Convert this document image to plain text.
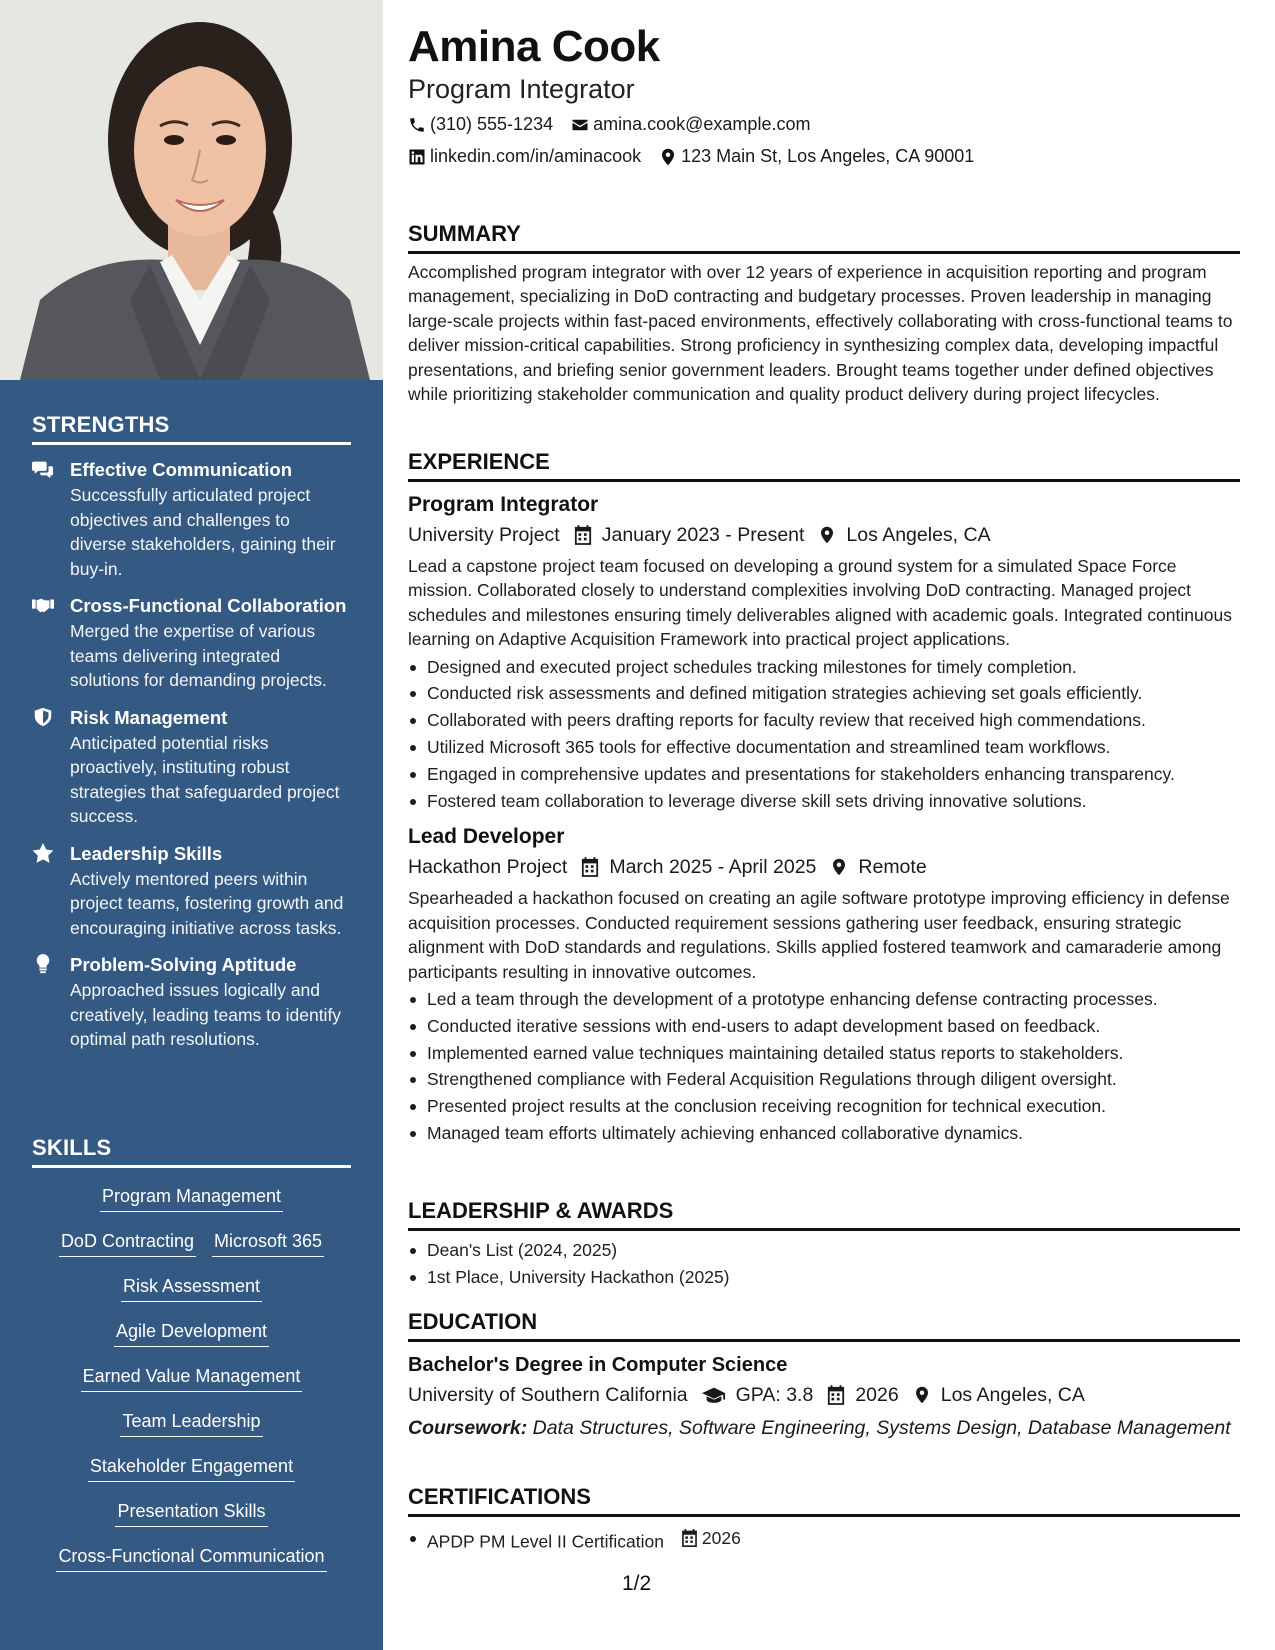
STRENGTHS
Effective Communication
Successfully articulated project objectives and challenges to diverse stakeholders, gaining their buy-in.
Cross-Functional Collaboration
Merged the expertise of various teams delivering integrated solutions for demanding projects.
Risk Management
Anticipated potential risks proactively, instituting robust strategies that safeguarded project success.
Leadership Skills
Actively mentored peers within project teams, fostering growth and encouraging initiative across tasks.
Problem-Solving Aptitude
Approached issues logically and creatively, leading teams to identify optimal path resolutions.
SKILLS
Program Management
DoD Contracting Microsoft 365
Risk Assessment
Agile Development
Earned Value Management
Team Leadership
Stakeholder Engagement
Presentation Skills
Cross-Functional Communication
Amina Cook
Program Integrator
(310) 555-1234 amina.cook@example.com
linkedin.com/in/aminacook 123 Main St, Los Angeles, CA 90001
SUMMARY
Accomplished program integrator with over 12 years of experience in acquisition reporting and program management, specializing in DoD contracting and budgetary processes. Proven leadership in managing large-scale projects within fast-paced environments, effectively collaborating with cross-functional teams to deliver mission-critical capabilities. Strong proficiency in synthesizing complex data, developing impactful presentations, and briefing senior government leaders. Brought teams together under defined objectives while prioritizing stakeholder communication and quality product delivery during project lifecycles.
EXPERIENCE
Program Integrator
University Project January 2023 - Present Los Angeles, CA
Lead a capstone project team focused on developing a ground system for a simulated Space Force mission. Collaborated closely to understand complexities involving DoD contracting. Managed project schedules and milestones ensuring timely deliverables aligned with academic goals. Integrated continuous learning on Adaptive Acquisition Framework into practical project applications.
Designed and executed project schedules tracking milestones for timely completion.
Conducted risk assessments and defined mitigation strategies achieving set goals efficiently.
Collaborated with peers drafting reports for faculty review that received high commendations.
Utilized Microsoft 365 tools for effective documentation and streamlined team workflows.
Engaged in comprehensive updates and presentations for stakeholders enhancing transparency.
Fostered team collaboration to leverage diverse skill sets driving innovative solutions.
Lead Developer
Hackathon Project March 2025 - April 2025 Remote
Spearheaded a hackathon focused on creating an agile software prototype improving efficiency in defense acquisition processes. Conducted requirement sessions gathering user feedback, ensuring strategic alignment with DoD standards and regulations. Skills applied fostered teamwork and camaraderie among participants resulting in innovative outcomes.
Led a team through the development of a prototype enhancing defense contracting processes.
Conducted iterative sessions with end-users to adapt development based on feedback.
Implemented earned value techniques maintaining detailed status reports to stakeholders.
Strengthened compliance with Federal Acquisition Regulations through diligent oversight.
Presented project results at the conclusion receiving recognition for technical execution.
Managed team efforts ultimately achieving enhanced collaborative dynamics.
LEADERSHIP & AWARDS
Dean's List (2024, 2025)
1st Place, University Hackathon (2025)
EDUCATION
Bachelor's Degree in Computer Science
University of Southern California GPA: 3.8 2026 Los Angeles, CA
Coursework: Data Structures, Software Engineering, Systems Design, Database Management
CERTIFICATIONS
APDP PM Level II Certification 2026
1/2
